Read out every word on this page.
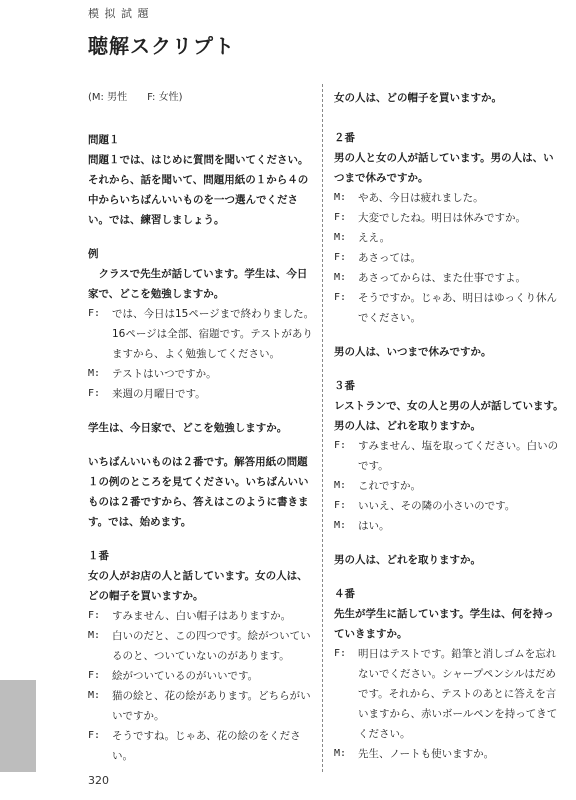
模 拟 試 題
聴解スクリプト
(M: 男性　　F: 女性)
問題１
問題１では、はじめに質問を聞いてください。それから、話を聞いて、問題用紙の１から４の中からいちばんいいものを一つ選んでください。では、練習しましょう。
例
クラスで先生が話しています。学生は、今日家で、どこを勉強しますか。
F:	では、今日は15ページまで終わりました。16ページは全部、宿題です。テストがありますから、よく勉強してください。
M:	テストはいつですか。
F:	来週の月曜日です。
学生は、今日家で、どこを勉強しますか。
いちばんいいものは２番です。解答用紙の問題１の例のところを見てください。いちばんいいものは２番ですから、答えはこのように書きます。では、始めます。
１番
女の人がお店の人と話しています。女の人は、どの帽子を買いますか。
F:	すみません、白い帽子はありますか。
M:	白いのだと、この四つです。絵がついているのと、ついていないのがあります。
F:	絵がついているのがいいです。
M:	猫の絵と、花の絵があります。どちらがいいですか。
F:	そうですね。じゃあ、花の絵のをください。
女の人は、どの帽子を買いますか。
２番
男の人と女の人が話しています。男の人は、いつまで休みですか。
M:	やあ、今日は疲れました。
F:	大変でしたね。明日は休みですか。
M:	ええ。
F:	あさっては。
M:	あさってからは、また仕事ですよ。
F:	そうですか。じゃあ、明日はゆっくり休んでください。
男の人は、いつまで休みですか。
３番
レストランで、女の人と男の人が話しています。男の人は、どれを取りますか。
F:	すみません、塩を取ってください。白いのです。
M:	これですか。
F:	いいえ、その隣の小さいのです。
M:	はい。
男の人は、どれを取りますか。
４番
先生が学生に話しています。学生は、何を持っていきますか。
F:	明日はテストです。鉛筆と消しゴムを忘れないでください。シャープペンシルはだめです。それから、テストのあとに答えを言いますから、赤いボールペンを持ってきてください。
M:	先生、ノートも使いますか。
320
